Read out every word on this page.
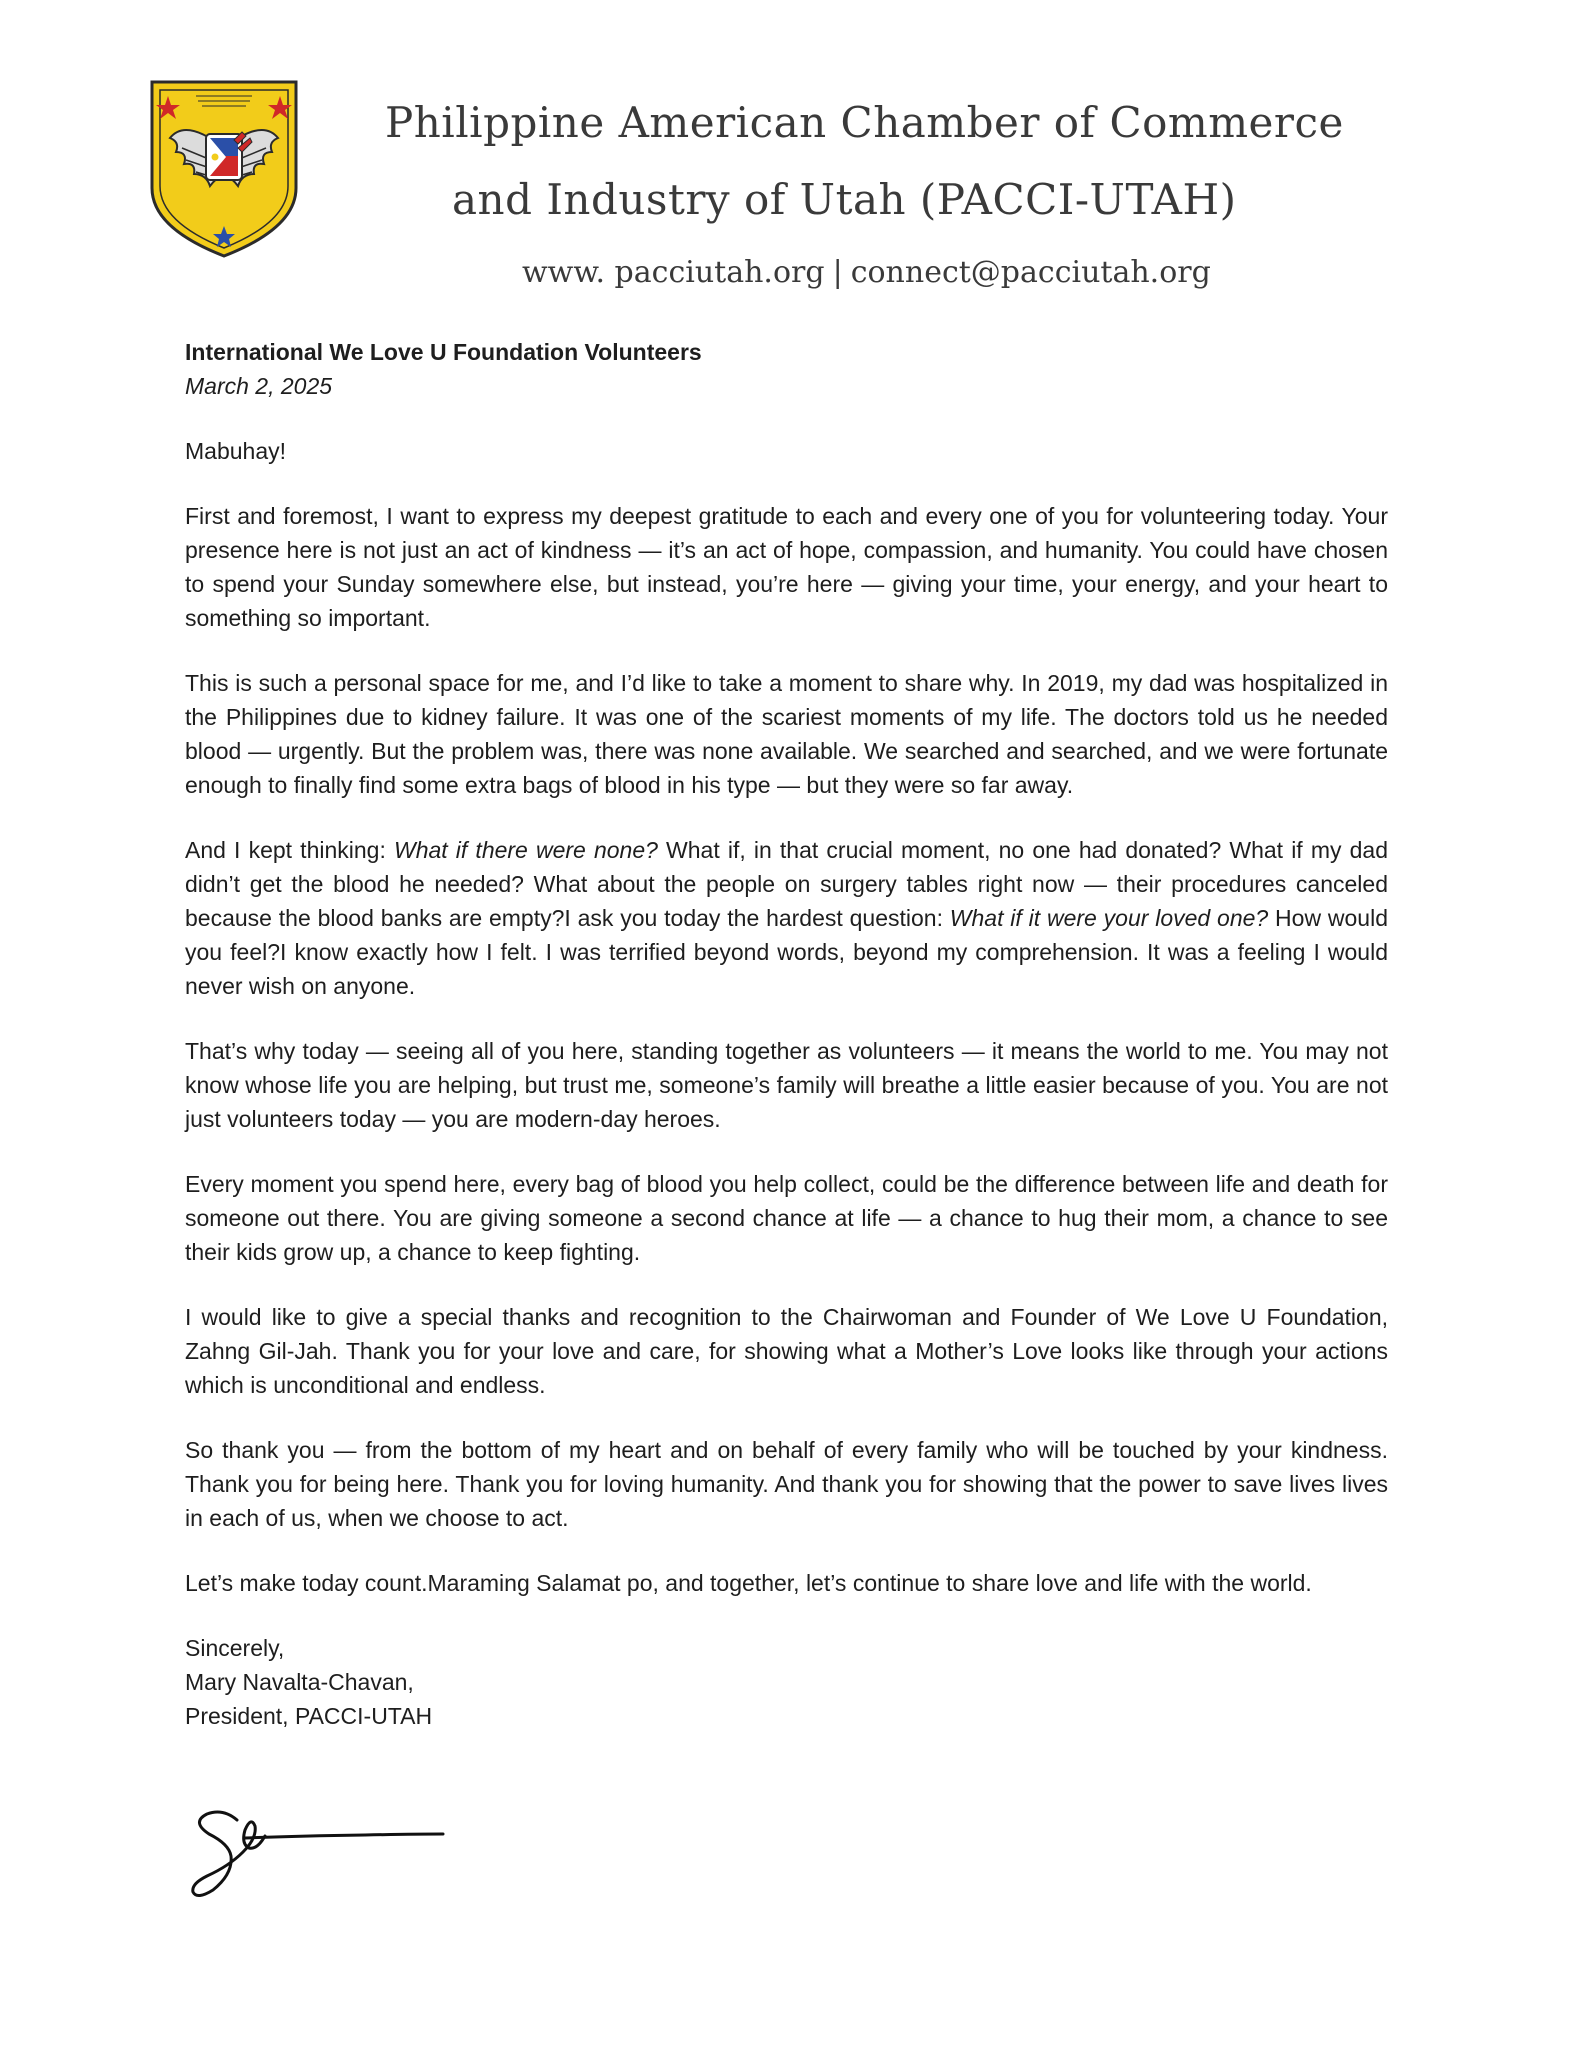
Philippine American Chamber of Commerce
and Industry of Utah (PACCI-UTAH)
www. pacciutah.org | connect@pacciutah.org

International We Love U Foundation Volunteers

March 2, 2025

Mabuhay!

First and foremost, I want to express my deepest gratitude to each and every one of you for volunteering today. Your presence here is not just an act of kindness — it’s an act of hope, compassion, and humanity. You could have chosen to spend your Sunday somewhere else, but instead, you’re here — giving your time, your energy, and your heart to something so important.

This is such a personal space for me, and I’d like to take a moment to share why. In 2019, my dad was hospitalized in the Philippines due to kidney failure. It was one of the scariest moments of my life. The doctors told us he needed blood — urgently. But the problem was, there was none available. We searched and searched, and we were fortunate enough to finally find some extra bags of blood in his type — but they were so far away.

And I kept thinking: What if there were none? What if, in that crucial moment, no one had donated? What if my dad didn’t get the blood he needed? What about the people on surgery tables right now — their procedures canceled because the blood banks are empty?I ask you today the hardest question: What if it were your loved one? How would you feel?I know exactly how I felt. I was terrified beyond words, beyond my comprehension. It was a feeling I would never wish on anyone.

That’s why today — seeing all of you here, standing together as volunteers — it means the world to me. You may not know whose life you are helping, but trust me, someone’s family will breathe a little easier because of you. You are not just volunteers today — you are modern-day heroes.

Every moment you spend here, every bag of blood you help collect, could be the difference between life and death for someone out there. You are giving someone a second chance at life — a chance to hug their mom, a chance to see their kids grow up, a chance to keep fighting.

I would like to give a special thanks and recognition to the Chairwoman and Founder of We Love U Foundation, Zahng Gil-Jah. Thank you for your love and care, for showing what a Mother’s Love looks like through your actions which is unconditional and endless.

So thank you — from the bottom of my heart and on behalf of every family who will be touched by your kindness. Thank you for being here. Thank you for loving humanity. And thank you for showing that the power to save lives lives in each of us, when we choose to act.

Let’s make today count.Maraming Salamat po, and together, let’s continue to share love and life with the world.

Sincerely,

Mary Navalta-Chavan,

President, PACCI-UTAH
